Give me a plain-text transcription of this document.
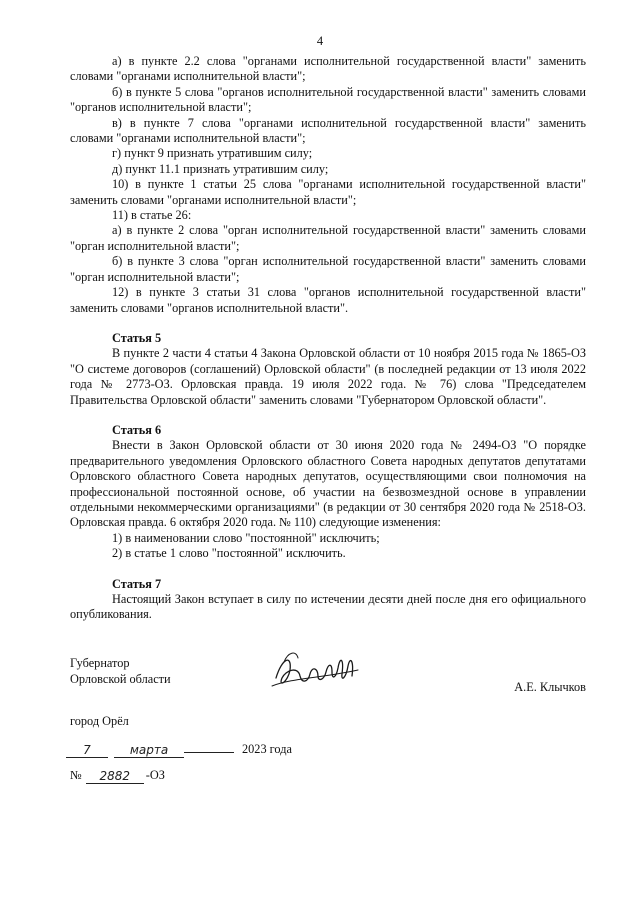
4

а) в пункте 2.2 слова "органами исполнительной государственной власти" заменить словами "органами исполнительной власти";

б) в пункте 5 слова "органов исполнительной государственной власти" заменить словами "органов исполнительной власти";

в) в пункте 7 слова "органами исполнительной государственной власти" заменить словами "органами исполнительной власти";

г) пункт 9 признать утратившим силу;

д) пункт 11.1 признать утратившим силу;

10) в пункте 1 статьи 25 слова "органами исполнительной государственной власти" заменить словами "органами исполнительной власти";

11) в статье 26:

а) в пункте 2 слова "орган исполнительной государственной власти" заменить словами "орган исполнительной власти";

б) в пункте 3 слова "орган исполнительной государственной власти" заменить словами "орган исполнительной власти";

12) в пункте 3 статьи 31 слова "органов исполнительной государственной власти" заменить словами "органов исполнительной власти".

Статья 5

В пункте 2 части 4 статьи 4 Закона Орловской области от 10 ноября 2015 года № 1865-ОЗ "О системе договоров (соглашений) Орловской области" (в последней редакции от 13 июля 2022 года № 2773-ОЗ. Орловская правда. 19 июля 2022 года. № 76) слова "Председателем Правительства Орловской области" заменить словами "Губернатором Орловской области".

Статья 6

Внести в Закон Орловской области от 30 июня 2020 года № 2494-ОЗ "О порядке предварительного уведомления Орловского областного Совета народных депутатов депутатами Орловского областного Совета народных депутатов, осуществляющими свои полномочия на профессиональной постоянной основе, об участии на безвозмездной основе в управлении отдельными некоммерческими организациями" (в редакции от 30 сентября 2020 года № 2518-ОЗ. Орловская правда. 6 октября 2020 года. № 110) следующие изменения:

1) в наименовании слово "постоянной" исключить;

2) в статье 1 слово "постоянной" исключить.

Статья 7

Настоящий Закон вступает в силу по истечении десяти дней после дня его официального опубликования.

Губернатор
Орловской области
А.Е. Клычков
город Орёл
7	марта	2023 года
№ 2882 -ОЗ
